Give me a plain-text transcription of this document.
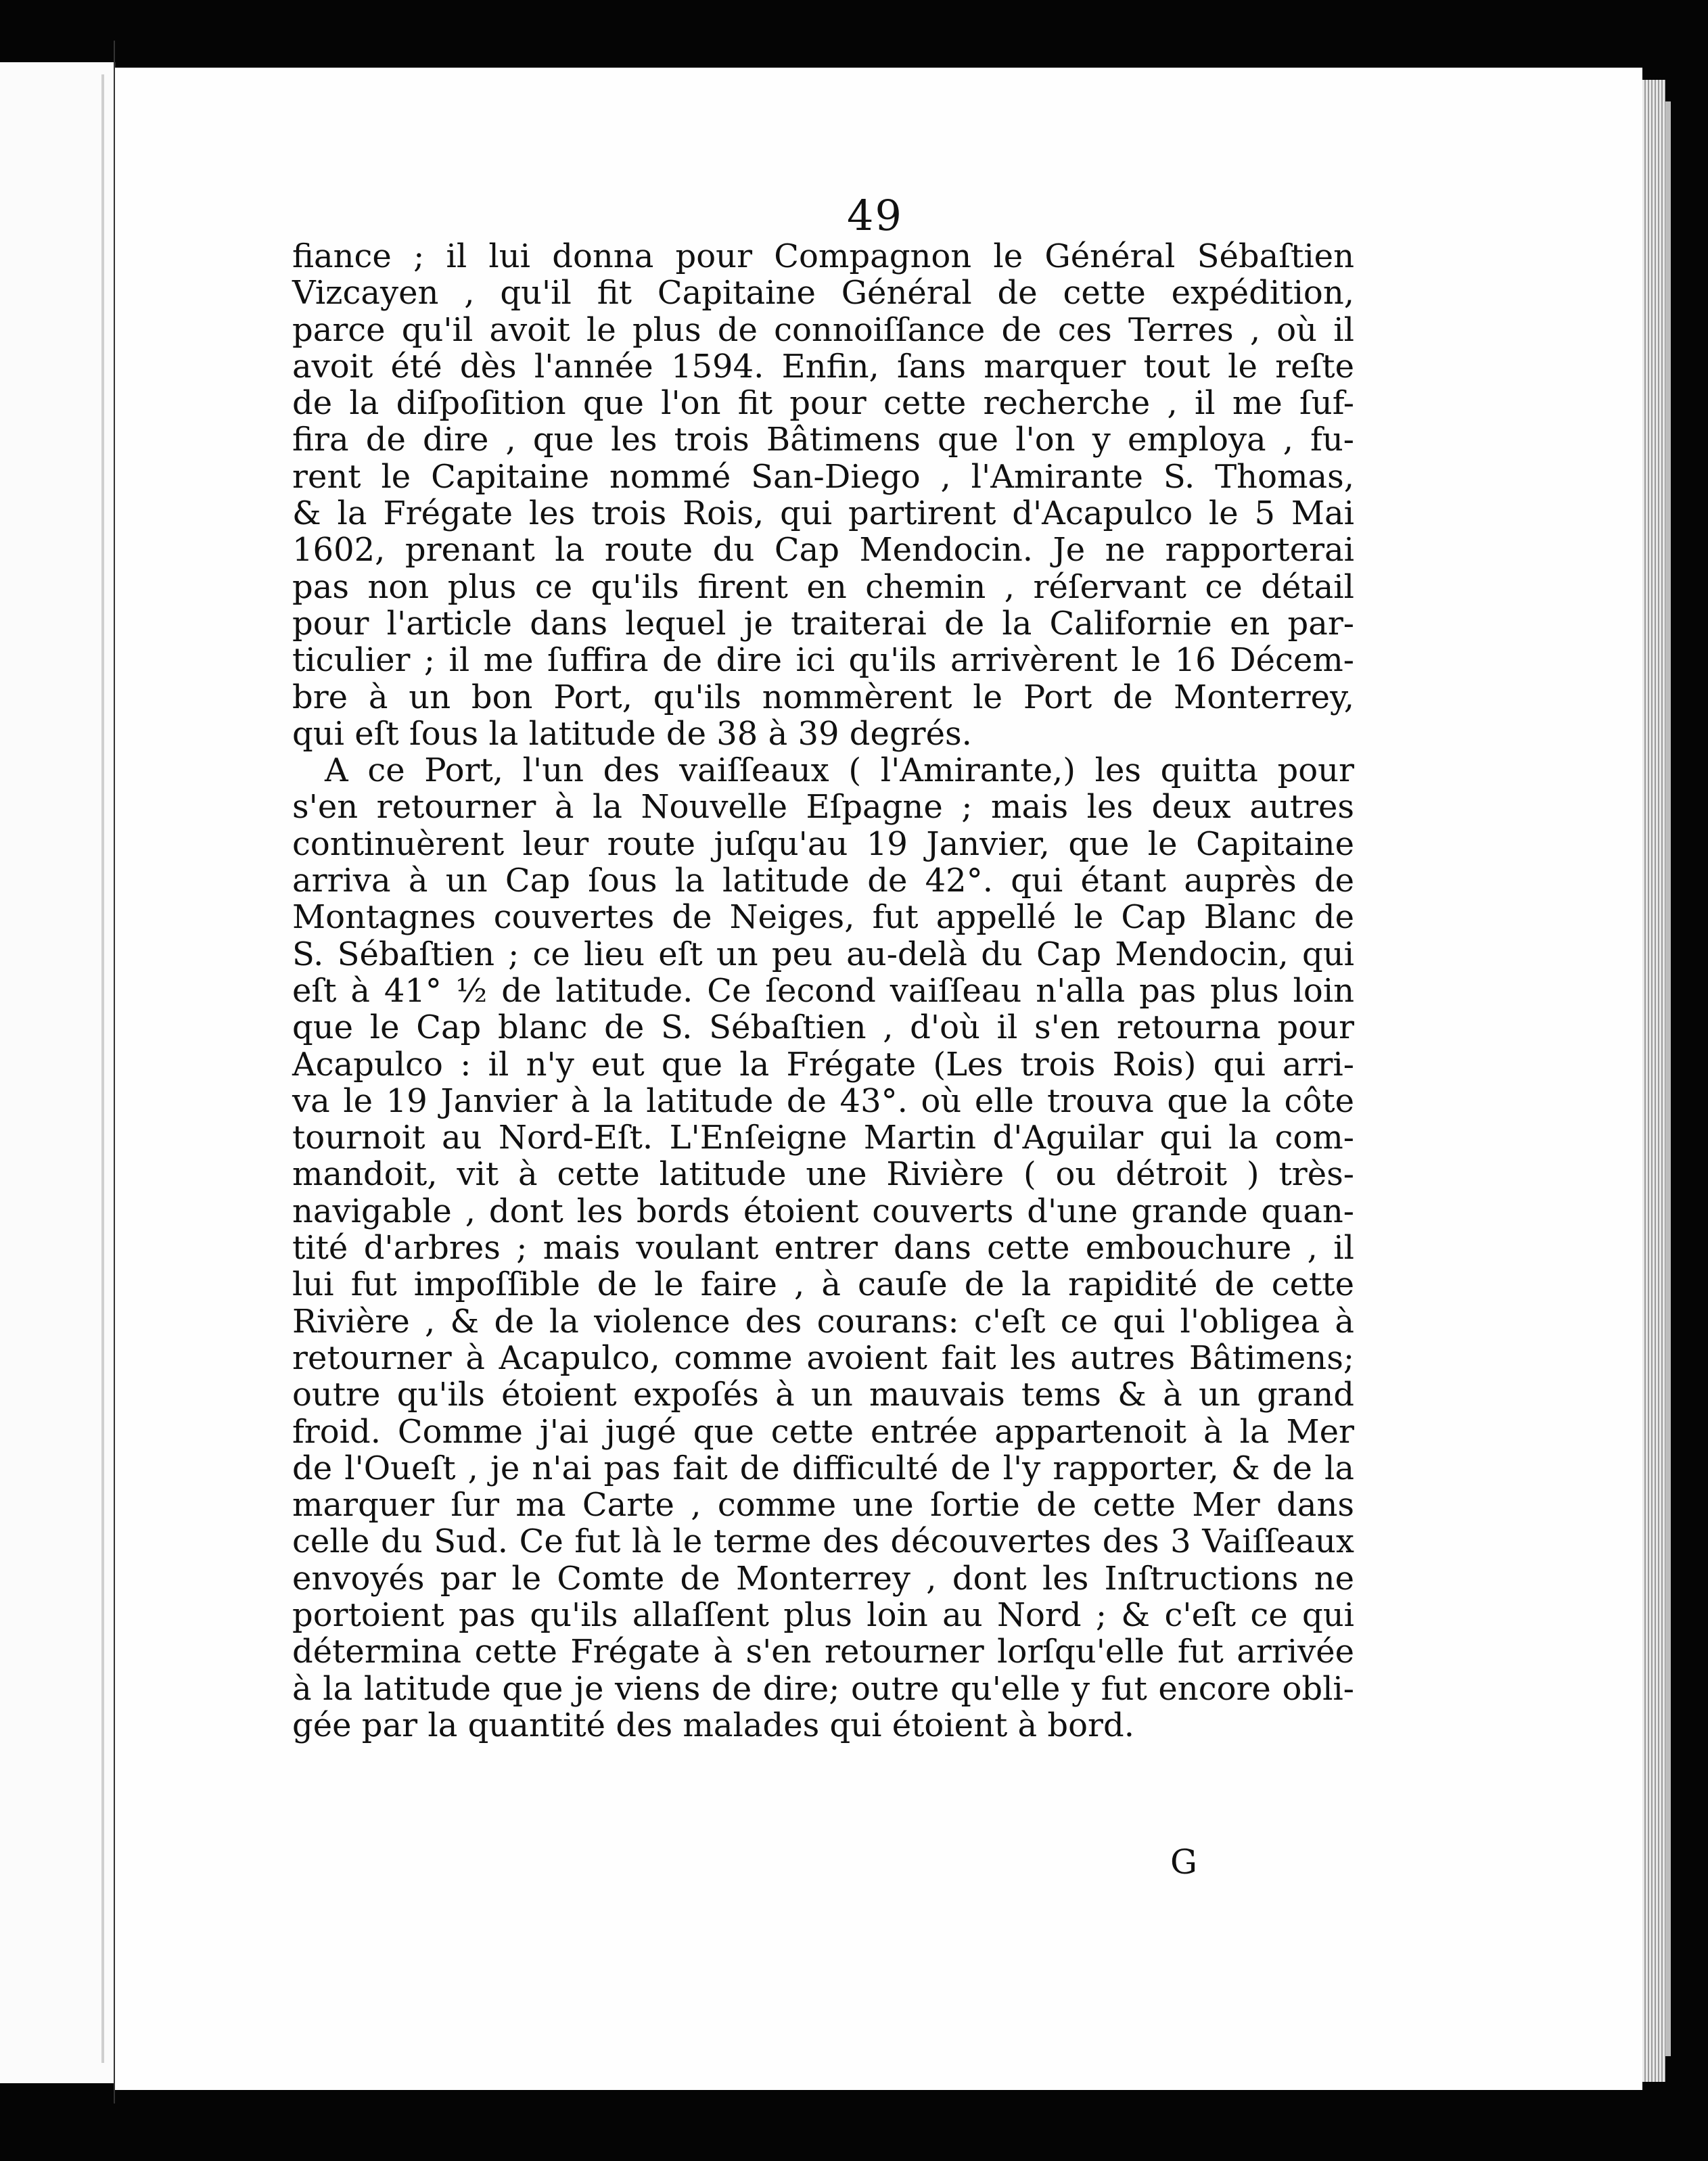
49
fiance ; il lui donna pour Compagnon le Général Sébaſtien
Vizcayen , qu'il fit Capitaine Général de cette expédition,
parce qu'il avoit le plus de connoiſſance de ces Terres , où il
avoit été dès l'année 1594. Enfin, ſans marquer tout le reſte
de la diſpoſition que l'on fit pour cette recherche , il me ſuf-
fira de dire , que les trois Bâtimens que l'on y employa , fu-
rent le Capitaine nommé San-Diego , l'Amirante S. Thomas,
& la Frégate les trois Rois, qui partirent d'Acapulco le 5 Mai
1602, prenant la route du Cap Mendocin. Je ne rapporterai
pas non plus ce qu'ils firent en chemin , réſervant ce détail
pour l'article dans lequel je traiterai de la Californie en par-
ticulier ; il me ſuffira de dire ici qu'ils arrivèrent le 16 Décem-
bre à un bon Port, qu'ils nommèrent le Port de Monterrey,
qui eſt ſous la latitude de 38 à 39 degrés.
A ce Port, l'un des vaiſſeaux ( l'Amirante,) les quitta pour
s'en retourner à la Nouvelle Eſpagne ; mais les deux autres
continuèrent leur route juſqu'au 19 Janvier, que le Capitaine
arriva à un Cap ſous la latitude de 42°. qui étant auprès de
Montagnes couvertes de Neiges, fut appellé le Cap Blanc de
S. Sébaſtien ; ce lieu eſt un peu au-delà du Cap Mendocin, qui
eſt à 41° ½ de latitude. Ce ſecond vaiſſeau n'alla pas plus loin
que le Cap blanc de S. Sébaſtien , d'où il s'en retourna pour
Acapulco : il n'y eut que la Frégate (Les trois Rois) qui arri-
va le 19 Janvier à la latitude de 43°. où elle trouva que la côte
tournoit au Nord-Eſt. L'Enſeigne Martin d'Aguilar qui la com-
mandoit, vit à cette latitude une Rivière ( ou détroit ) très-
navigable , dont les bords étoient couverts d'une grande quan-
tité d'arbres ; mais voulant entrer dans cette embouchure , il
lui fut impoſſible de le faire , à cauſe de la rapidité de cette
Rivière , & de la violence des courans: c'eſt ce qui l'obligea à
retourner à Acapulco, comme avoient fait les autres Bâtimens;
outre qu'ils étoient expoſés à un mauvais tems & à un grand
froid. Comme j'ai jugé que cette entrée appartenoit à la Mer
de l'Oueſt , je n'ai pas fait de difficulté de l'y rapporter, & de la
marquer ſur ma Carte , comme une ſortie de cette Mer dans
celle du Sud. Ce fut là le terme des découvertes des 3 Vaiſſeaux
envoyés par le Comte de Monterrey , dont les Inſtructions ne
portoient pas qu'ils allaſſent plus loin au Nord ; & c'eſt ce qui
détermina cette Frégate à s'en retourner lorſqu'elle fut arrivée
à la latitude que je viens de dire; outre qu'elle y fut encore obli-
gée par la quantité des malades qui étoient à bord.
G
